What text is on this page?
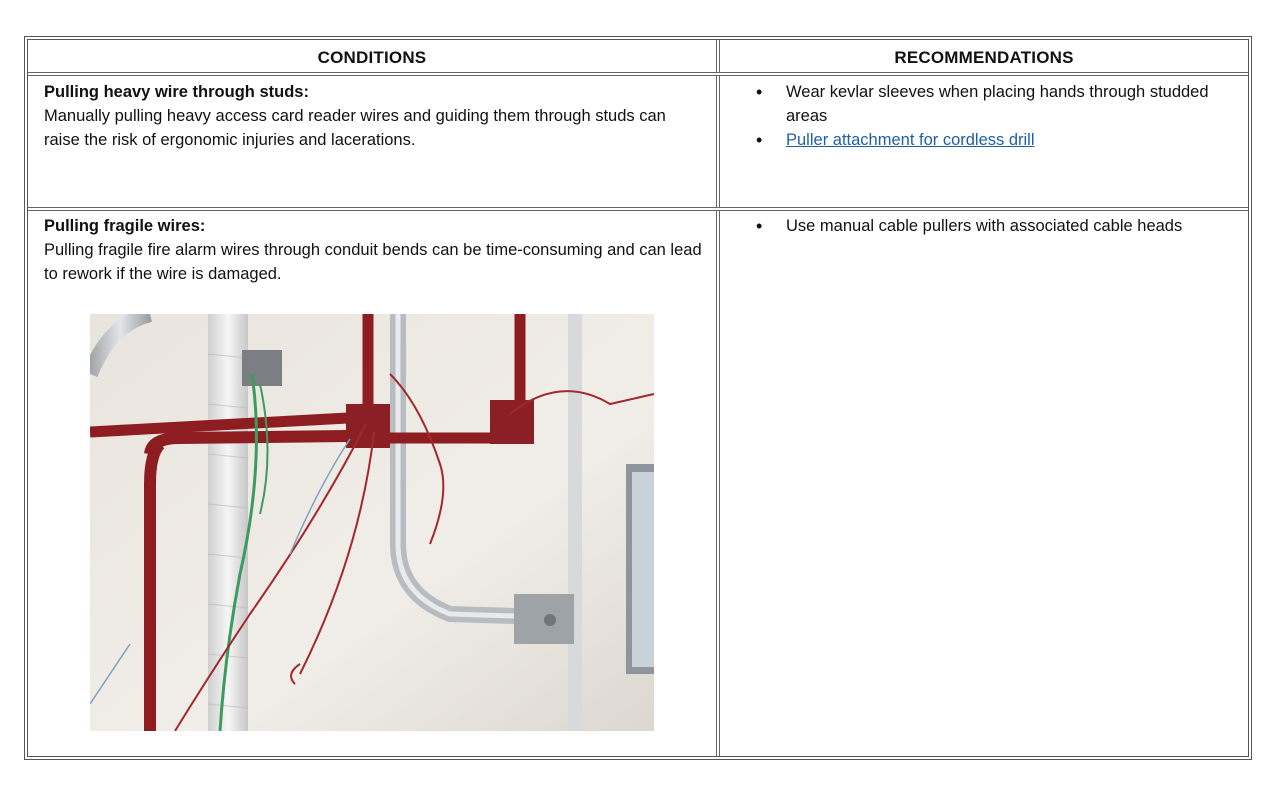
CONDITIONS	RECOMMENDATIONS
Pulling heavy wire through studs:
Manually pulling heavy access card reader wires and guiding them through studs can raise the risk of ergonomic injuries and lacerations.
• Wear kevlar sleeves when placing hands through studded areas
• Puller attachment for cordless drill
Pulling fragile wires:
Pulling fragile fire alarm wires through conduit bends can be time-consuming and can lead to rework if the wire is damaged.
• Use manual cable pullers with associated cable heads
